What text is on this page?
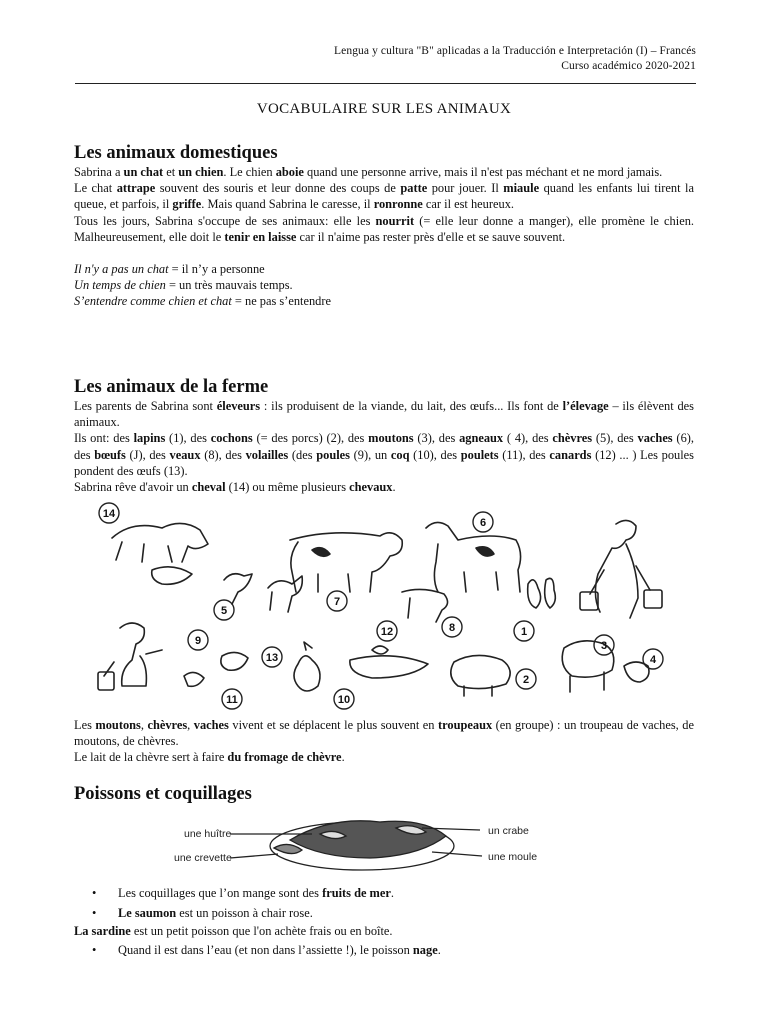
Lengua y cultura "B" aplicadas a la Traducción e Interpretación (I) – Francés
Curso académico 2020-2021
VOCABULAIRE SUR LES ANIMAUX
Les animaux domestiques

Sabrina a un chat et un chien. Le chien aboie quand une personne arrive, mais il n'est pas méchant et ne mord jamais.

Le chat attrape souvent des souris et leur donne des coups de patte pour jouer. Il miaule quand les enfants lui tirent la queue, et parfois, il griffe. Mais quand Sabrina le caresse, il ronronne car il est heureux.

Tous les jours, Sabrina s'occupe de ses animaux: elle les nourrit (= elle leur donne a manger), elle promène le chien. Malheureusement, elle doit le tenir en laisse car il n'aime pas rester près d'elle et se sauve souvent.

Il n'y a pas un chat = il n’y a personne

Un temps de chien = un très mauvais temps.

S’entendre comme chien et chat = ne pas s’entendre

Les animaux de la ferme

Les parents de Sabrina sont éleveurs : ils produisent de la viande, du lait, des œufs... Ils font de l’élevage – ils élèvent des animaux.

Ils ont: des lapins (1), des cochons (= des porcs) (2), des moutons (3), des agneaux ( 4), des chèvres (5), des vaches (6), des bœufs (J), des veaux (8), des volailles (des poules (9), un coq (10), des poulets (11), des canards (12) ... ) Les poules pondent des œufs (13).

Sabrina rêve d'avoir un cheval (14) ou même plusieurs chevaux.

14
6
5
7
8	1
9
13
12
3
4
2
11	10

Les moutons, chèvres, vaches vivent et se déplacent le plus souvent en troupeaux (en groupe) : un troupeau de vaches, de moutons, de chèvres.

Le lait de la chèvre sert à faire du fromage de chèvre.

Poissons et coquillages
une huître
une crevette
un crabe
une moule
• Les coquillages que l’on mange sont des fruits de mer.
• Le saumon est un poisson à chair rose.

La sardine est un petit poisson que l'on achète frais ou en boîte.

• Quand il est dans l’eau (et non dans l’assiette !), le poisson nage.
